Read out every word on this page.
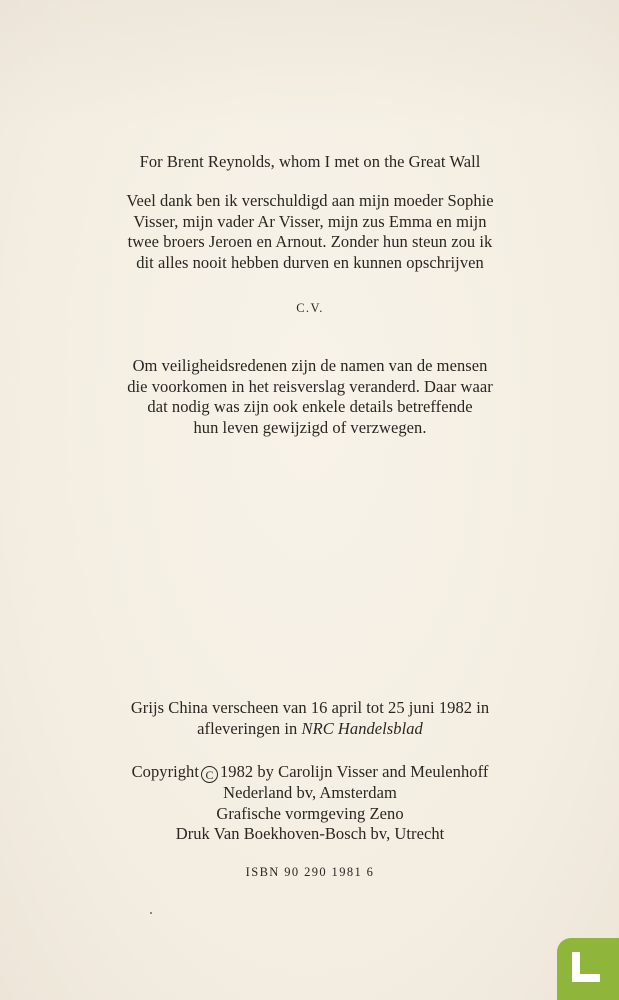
For Brent Reynolds, whom I met on the Great Wall
Veel dank ben ik verschuldigd aan mijn moeder Sophie
Visser, mijn vader Ar Visser, mijn zus Emma en mijn
twee broers Jeroen en Arnout. Zonder hun steun zou ik
dit alles nooit hebben durven en kunnen opschrijven
C.V.
Om veiligheidsredenen zijn de namen van de mensen
die voorkomen in het reisverslag veranderd. Daar waar
dat nodig was zijn ook enkele details betreffende
hun leven gewijzigd of verzwegen.
Grijs China verscheen van 16 april tot 25 juni 1982 in
afleveringen in NRC Handelsblad
Copyright C 1982 by Carolijn Visser and Meulenhoff
Nederland bv, Amsterdam
Grafische vormgeving Zeno
Druk Van Boekhoven-Bosch bv, Utrecht
ISBN 90 290 1981 6
